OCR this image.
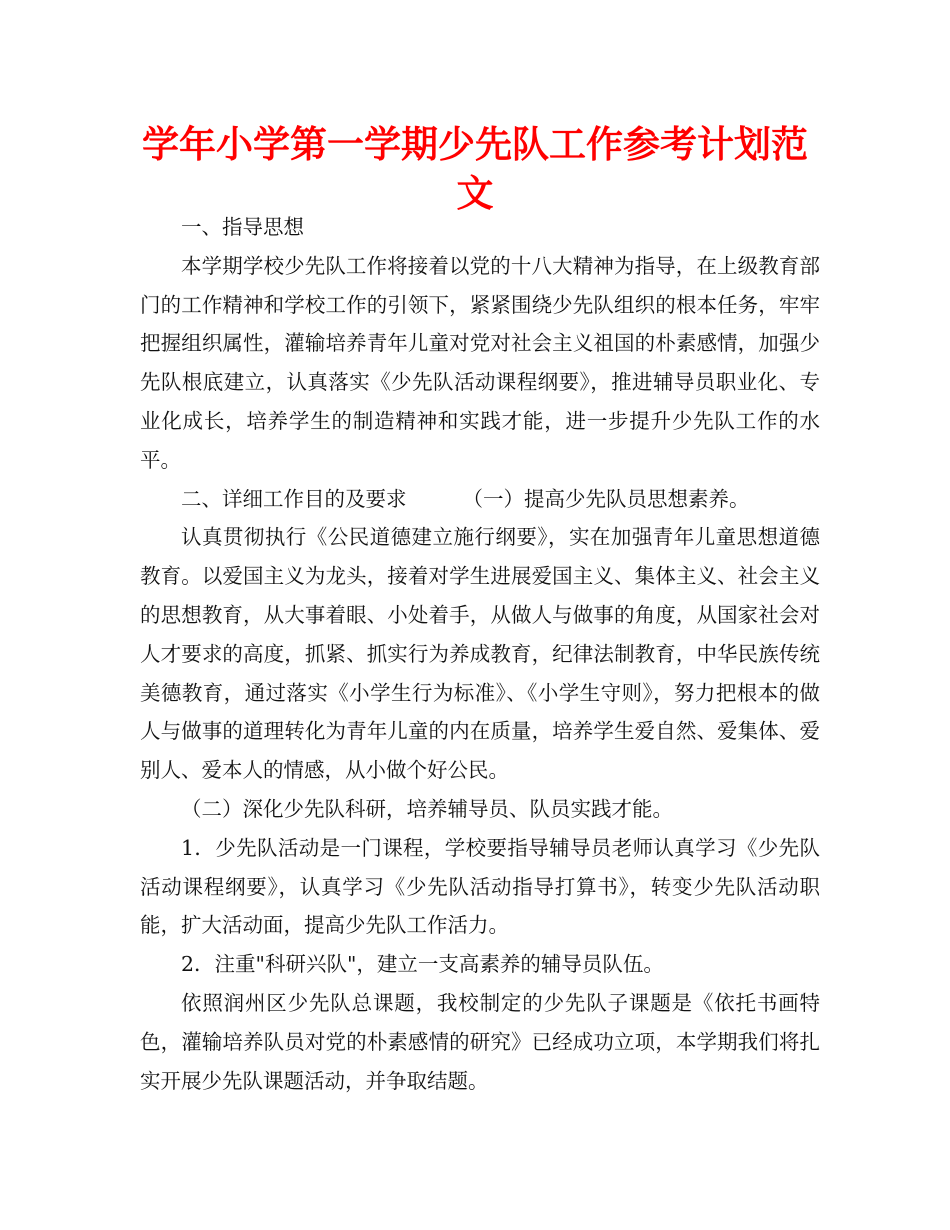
学年小学第一学期少先队工作参考计划范文

一、指导思想

本学期学校少先队工作将接着以党的十八大精神为指导，在上级教育部门的工作精神和学校工作的引领下，紧紧围绕少先队组织的根本任务，牢牢把握组织属性，灌输培养青年儿童对党对社会主义祖国的朴素感情，加强少先队根底建立，认真落实《少先队活动课程纲要》，推进辅导员职业化、专业化成长，培养学生的制造精神和实践才能，进一步提升少先队工作的水平。

二、详细工作目的及要求	（一）提高少先队员思想素养。

认真贯彻执行《公民道德建立施行纲要》，实在加强青年儿童思想道德教育。以爱国主义为龙头，接着对学生进展爱国主义、集体主义、社会主义的思想教育，从大事着眼、小处着手，从做人与做事的角度，从国家社会对人才要求的高度，抓紧、抓实行为养成教育，纪律法制教育，中华民族传统美德教育，通过落实《小学生行为标准》、《小学生守则》，努力把根本的做人与做事的道理转化为青年儿童的内在质量，培养学生爱自然、爱集体、爱别人、爱本人的情感，从小做个好公民。

（二）深化少先队科研，培养辅导员、队员实践才能。

1．少先队活动是一门课程，学校要指导辅导员老师认真学习《少先队活动课程纲要》，认真学习《少先队活动指导打算书》，转变少先队活动职能，扩大活动面，提高少先队工作活力。

2．注重"科研兴队"，建立一支高素养的辅导员队伍。

依照润州区少先队总课题，我校制定的少先队子课题是《依托书画特色，灌输培养队员对党的朴素感情的研究》已经成功立项，本学期我们将扎实开展少先队课题活动，并争取结题。
